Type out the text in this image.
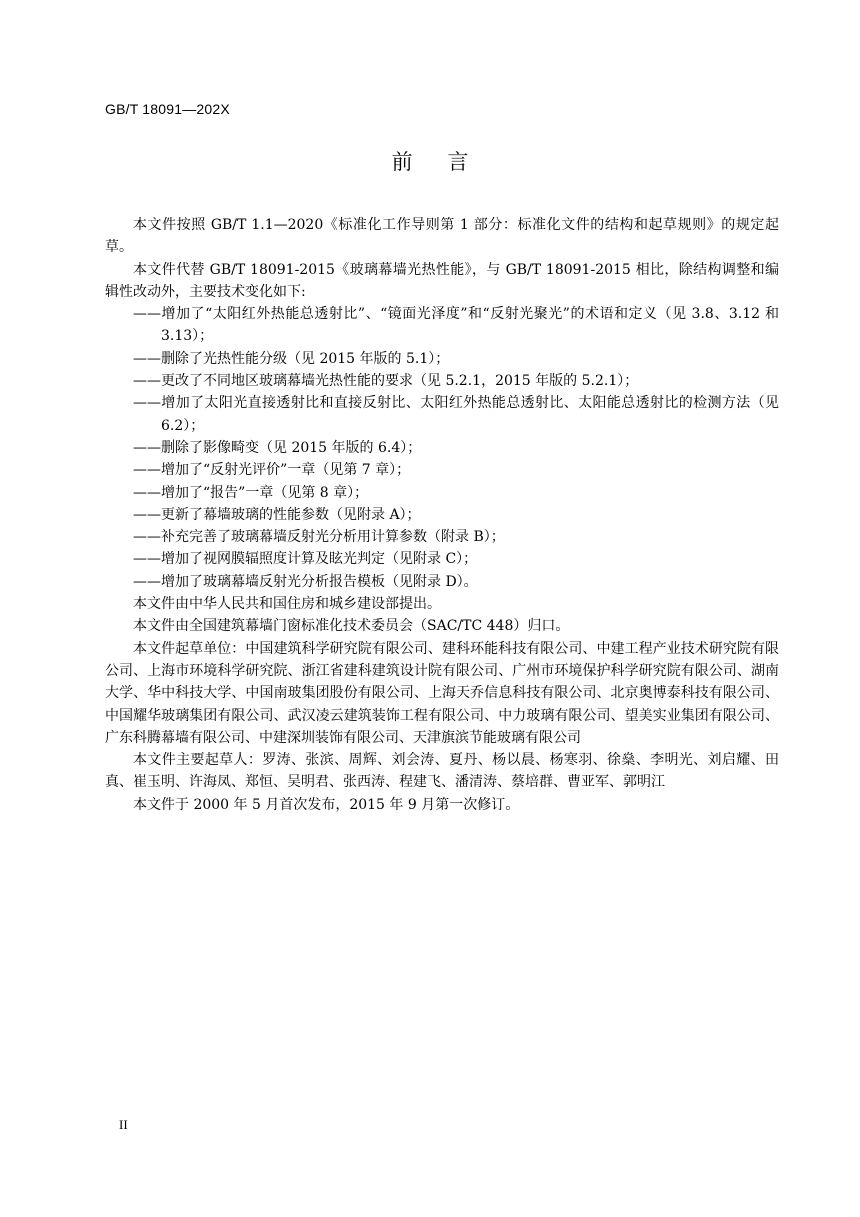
GB/T 18091—202X
前 言

本文件按照 GB/T 1.1—2020《标准化工作导则第 1 部分：标准化文件的结构和起草规则》的规定起草。

本文件代替 GB/T 18091-2015《玻璃幕墙光热性能》，与 GB/T 18091-2015 相比，除结构调整和编辑性改动外，主要技术变化如下:

——增加了“太阳红外热能总透射比”、“镜面光泽度”和“反射光聚光”的术语和定义（见 3.8、3.12 和 3.13）；

——删除了光热性能分级（见 2015 年版的 5.1）；

——更改了不同地区玻璃幕墙光热性能的要求（见 5.2.1，2015 年版的 5.2.1）；

——增加了太阳光直接透射比和直接反射比、太阳红外热能总透射比、太阳能总透射比的检测方法（见 6.2）；

——删除了影像畸变（见 2015 年版的 6.4）；

——增加了“反射光评价”一章（见第 7 章）；

——增加了“报告”一章（见第 8 章）；

——更新了幕墙玻璃的性能参数（见附录 A）；

——补充完善了玻璃幕墙反射光分析用计算参数（附录 B）；

——增加了视网膜辐照度计算及眩光判定（见附录 C）；

——增加了玻璃幕墙反射光分析报告模板（见附录 D）。

本文件由中华人民共和国住房和城乡建设部提出。

本文件由全国建筑幕墙门窗标准化技术委员会（SAC/TC 448）归口。

本文件起草单位：中国建筑科学研究院有限公司、建科环能科技有限公司、中建工程产业技术研究院有限公司、上海市环境科学研究院、浙江省建科建筑设计院有限公司、广州市环境保护科学研究院有限公司、湖南大学、华中科技大学、中国南玻集团股份有限公司、上海天乔信息科技有限公司、北京奥博泰科技有限公司、中国耀华玻璃集团有限公司、武汉凌云建筑装饰工程有限公司、中力玻璃有限公司、望美实业集团有限公司、广东科腾幕墙有限公司、中建深圳装饰有限公司、天津旗滨节能玻璃有限公司

本文件主要起草人：罗涛、张滨、周辉、刘会涛、夏丹、杨以晨、杨寒羽、徐燊、李明光、刘启耀、田真、崔玉明、许海凤、郑恒、吴明君、张西涛、程建飞、潘清涛、蔡培群、曹亚军、郭明江

本文件于 2000 年 5 月首次发布，2015 年 9 月第一次修订。

II
